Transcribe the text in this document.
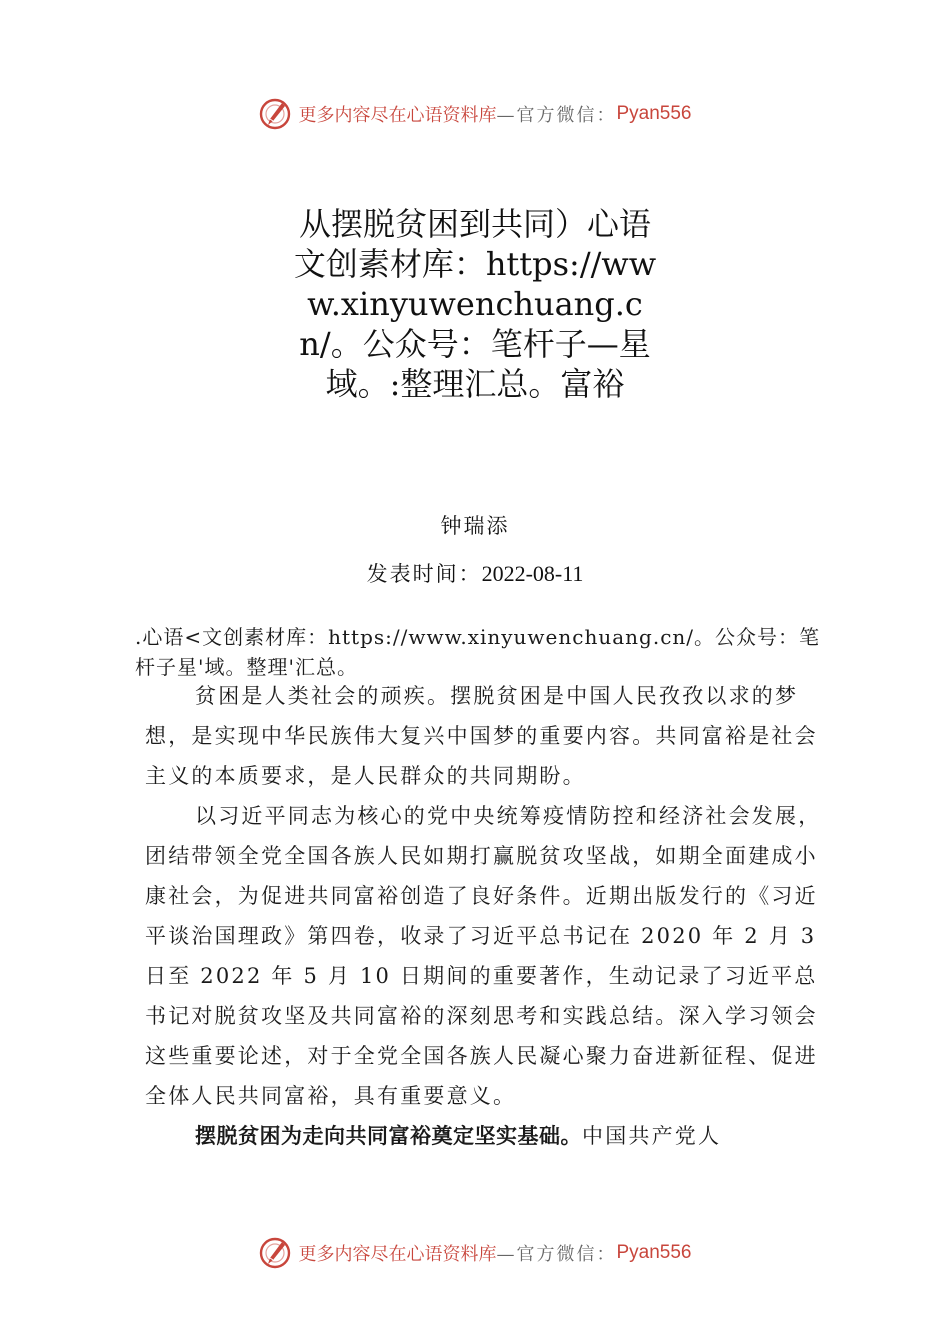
更多内容尽在心语资料库 —官方微信： Pyan556
从摆脱贫困到共同）心语文创素材库：https://www.xinyuwenchuang.cn/。公众号：笔杆子—星域。:整理汇总。富裕
钟瑞添
发表时间：2022-08-11
.心语<文创素材库：https://www.xinyuwenchuang.cn/。公众号：笔杆子星'域。整理'汇总。

贫困是人类社会的顽疾。摆脱贫困是中国人民孜孜以求的梦想，是实现中华民族伟大复兴中国梦的重要内容。共同富裕是社会主义的本质要求，是人民群众的共同期盼。

以习近平同志为核心的党中央统筹疫情防控和经济社会发展，团结带领全党全国各族人民如期打赢脱贫攻坚战，如期全面建成小康社会，为促进共同富裕创造了良好条件。近期出版发行的《习近平谈治国理政》第四卷，收录了习近平总书记在 2020 年 2 月 3 日至 2022 年 5 月 10 日期间的重要著作，生动记录了习近平总书记对脱贫攻坚及共同富裕的深刻思考和实践总结。深入学习领会这些重要论述，对于全党全国各族人民凝心聚力奋进新征程、促进全体人民共同富裕，具有重要意义。

摆脱贫困为走向共同富裕奠定坚实基础。中国共产党人

更多内容尽在心语资料库 —官方微信： Pyan556
